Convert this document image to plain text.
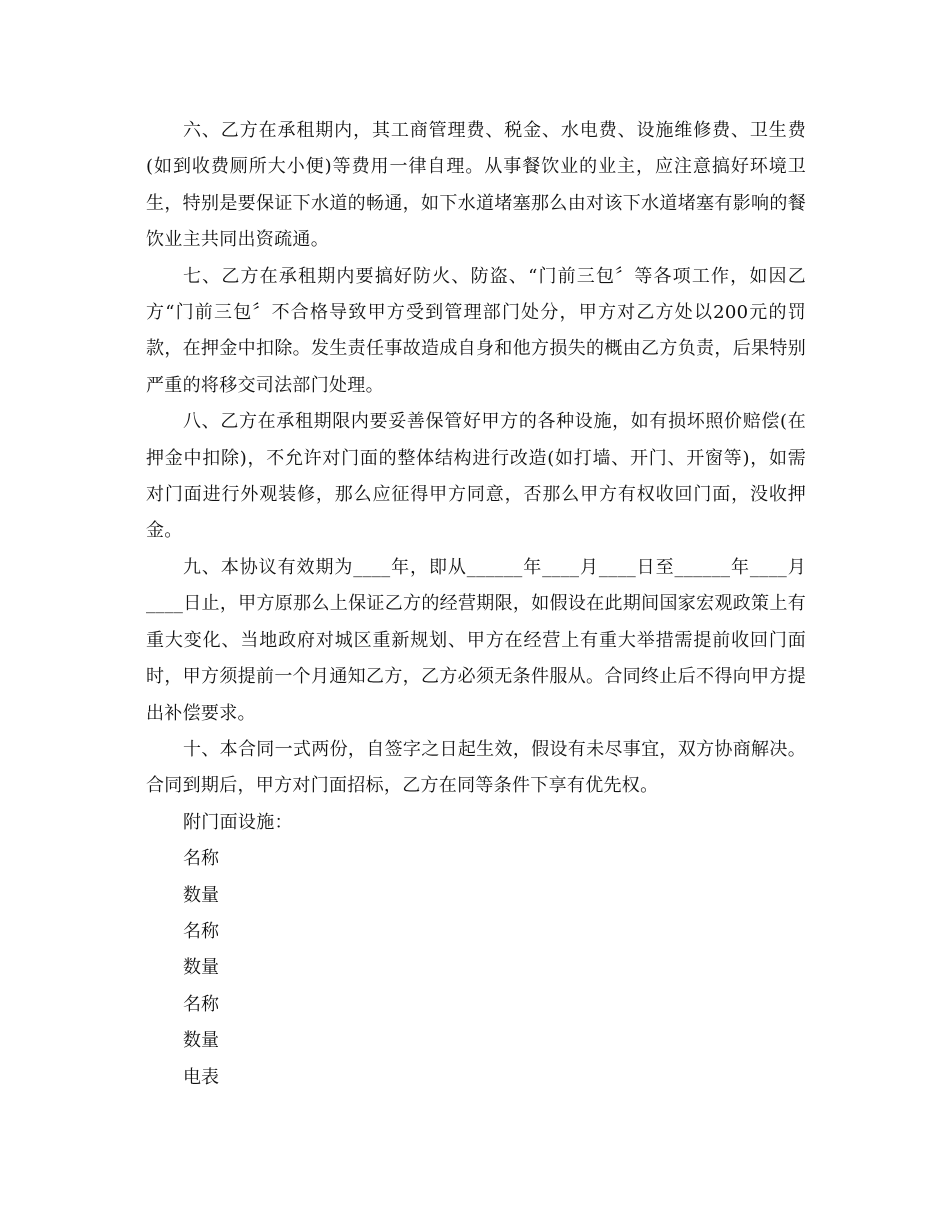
六、乙方在承租期内，其工商管理费、税金、水电费、设施维修费、卫生费(如到收费厕所大小便)等费用一律自理。从事餐饮业的业主，应注意搞好环境卫生，特别是要保证下水道的畅通，如下水道堵塞那么由对该下水道堵塞有影响的餐饮业主共同出资疏通。

七、乙方在承租期内要搞好防火、防盗、“门前三包〞等各项工作，如因乙方“门前三包〞不合格导致甲方受到管理部门处分，甲方对乙方处以200元的罚款，在押金中扣除。发生责任事故造成自身和他方损失的概由乙方负责，后果特别严重的将移交司法部门处理。

八、乙方在承租期限内要妥善保管好甲方的各种设施，如有损坏照价赔偿(在押金中扣除)，不允许对门面的整体结构进行改造(如打墙、开门、开窗等)，如需对门面进行外观装修，那么应征得甲方同意，否那么甲方有权收回门面，没收押金。

九、本协议有效期为____年，即从______年____月____日至______年____月____日止，甲方原那么上保证乙方的经营期限，如假设在此期间国家宏观政策上有重大变化、当地政府对城区重新规划、甲方在经营上有重大举措需提前收回门面时，甲方须提前一个月通知乙方，乙方必须无条件服从。合同终止后不得向甲方提出补偿要求。

十、本合同一式两份，自签字之日起生效，假设有未尽事宜，双方协商解决。合同到期后，甲方对门面招标，乙方在同等条件下享有优先权。

附门面设施：

名称

数量

名称

数量

名称

数量

电表
